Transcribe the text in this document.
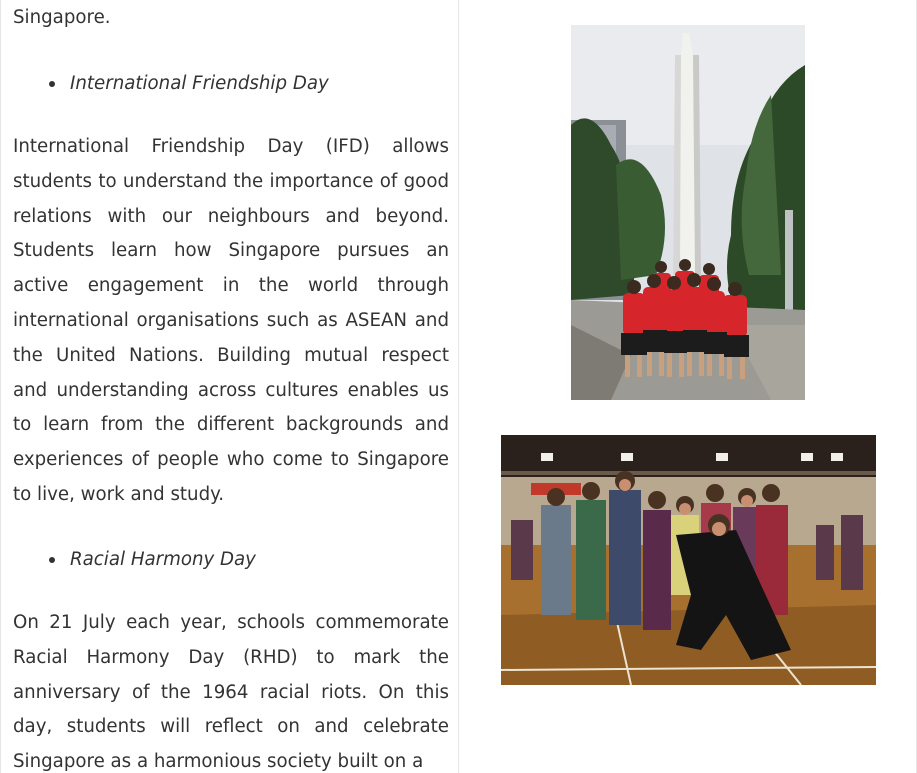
Singapore.

International Friendship Day

International Friendship Day (IFD) allows students to understand the importance of good relations with our neighbours and beyond. Students learn how Singapore pursues an active engagement in the world through international organisations such as ASEAN and the United Nations. Building mutual respect and understanding across cultures enables us to learn from the different backgrounds and experiences of people who come to Singapore to live, work and study.

Racial Harmony Day

On 21 July each year, schools commemorate Racial Harmony Day (RHD) to mark the anniversary of the 1964 racial riots. On this day, students will reflect on and celebrate Singapore as a harmonious society built on a
